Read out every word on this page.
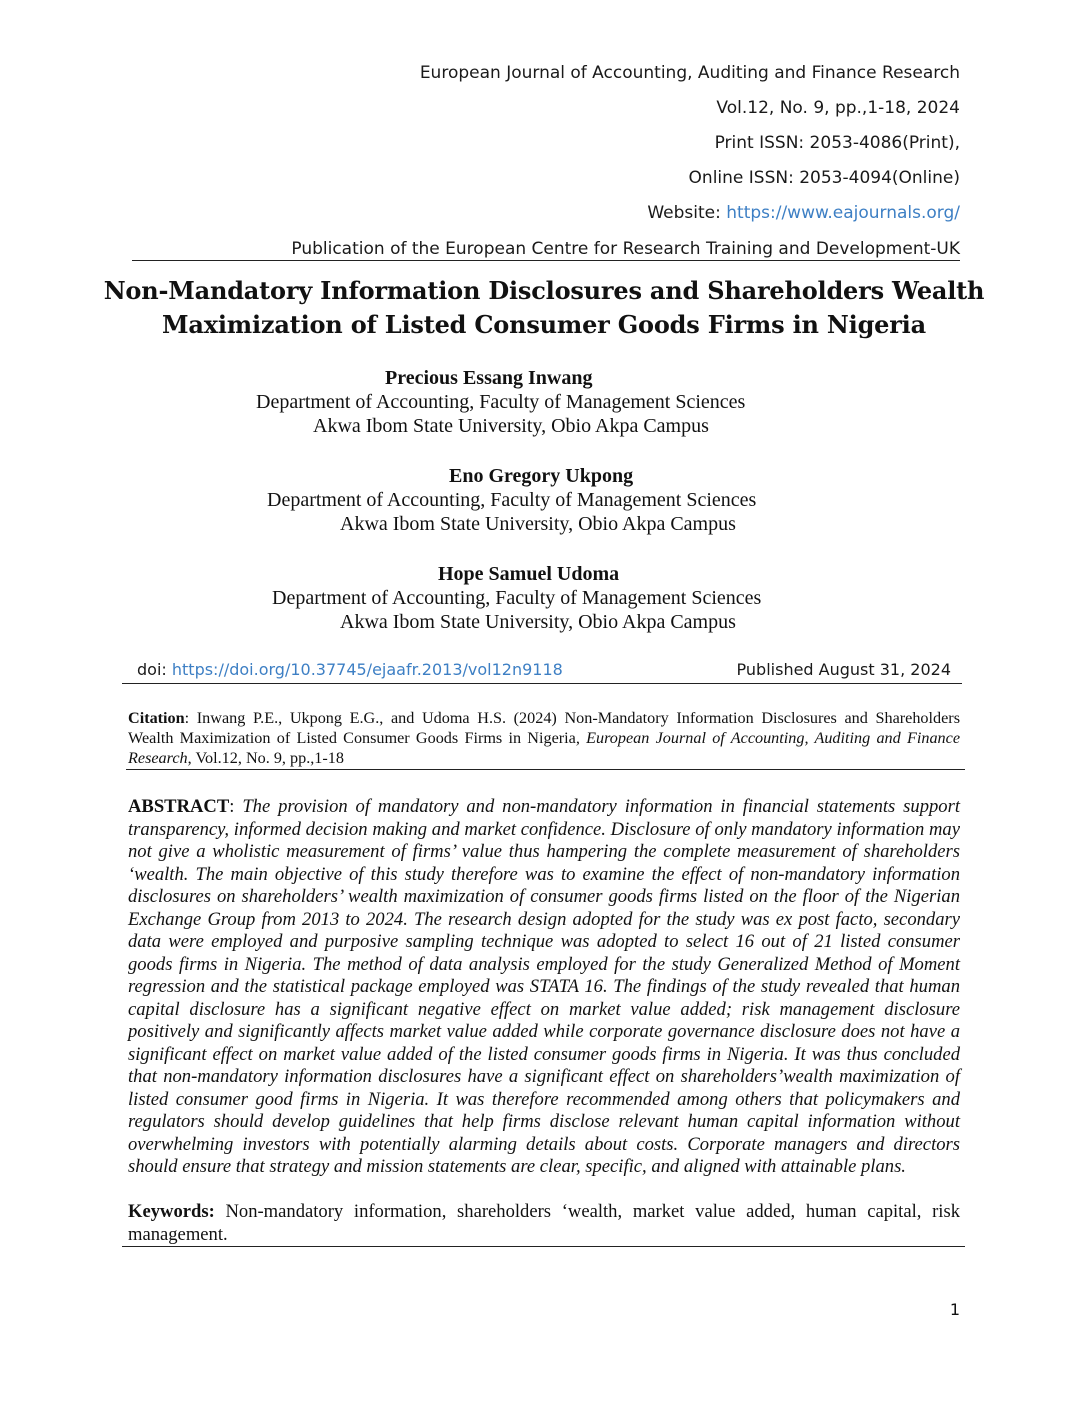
European Journal of Accounting, Auditing and Finance Research
Vol.12, No. 9, pp.,1-18, 2024
Print ISSN: 2053-4086(Print),
Online ISSN: 2053-4094(Online)
Website: https://www.eajournals.org/
Publication of the European Centre for Research Training and Development-UK
Non-Mandatory Information Disclosures and Shareholders Wealth
Maximization of Listed Consumer Goods Firms in Nigeria
Precious Essang Inwang
Department of Accounting, Faculty of Management Sciences
Akwa Ibom State University, Obio Akpa Campus
Eno Gregory Ukpong
Department of Accounting, Faculty of Management Sciences
Akwa Ibom State University, Obio Akpa Campus
Hope Samuel Udoma
Department of Accounting, Faculty of Management Sciences
Akwa Ibom State University, Obio Akpa Campus
doi: https://doi.org/10.37745/ejaafr.2013/vol12n9118	Published August 31, 2024
Citation: Inwang P.E., Ukpong E.G., and Udoma H.S. (2024) Non-Mandatory Information Disclosures and Shareholders Wealth Maximization of Listed Consumer Goods Firms in Nigeria, European Journal of Accounting, Auditing and Finance Research, Vol.12, No. 9, pp.,1-18
ABSTRACT: The provision of mandatory and non-mandatory information in financial statements support transparency, informed decision making and market confidence. Disclosure of only mandatory information may not give a wholistic measurement of firms’ value thus hampering the complete measurement of shareholders ‘wealth. The main objective of this study therefore was to examine the effect of non-mandatory information disclosures on shareholders’ wealth maximization of consumer goods firms listed on the floor of the Nigerian Exchange Group from 2013 to 2024. The research design adopted for the study was ex post facto, secondary data were employed and purposive sampling technique was adopted to select 16 out of 21 listed consumer goods firms in Nigeria. The method of data analysis employed for the study Generalized Method of Moment regression and the statistical package employed was STATA 16. The findings of the study revealed that human capital disclosure has a significant negative effect on market value added; risk management disclosure positively and significantly affects market value added while corporate governance disclosure does not have a significant effect on market value added of the listed consumer goods firms in Nigeria. It was thus concluded that non-mandatory information disclosures have a significant effect on shareholders’wealth maximization of listed consumer good firms in Nigeria. It was therefore recommended among others that policymakers and regulators should develop guidelines that help firms disclose relevant human capital information without overwhelming investors with potentially alarming details about costs. Corporate managers and directors should ensure that strategy and mission statements are clear, specific, and aligned with attainable plans.
Keywords: Non-mandatory information, shareholders ‘wealth, market value added, human capital, risk management.
1
